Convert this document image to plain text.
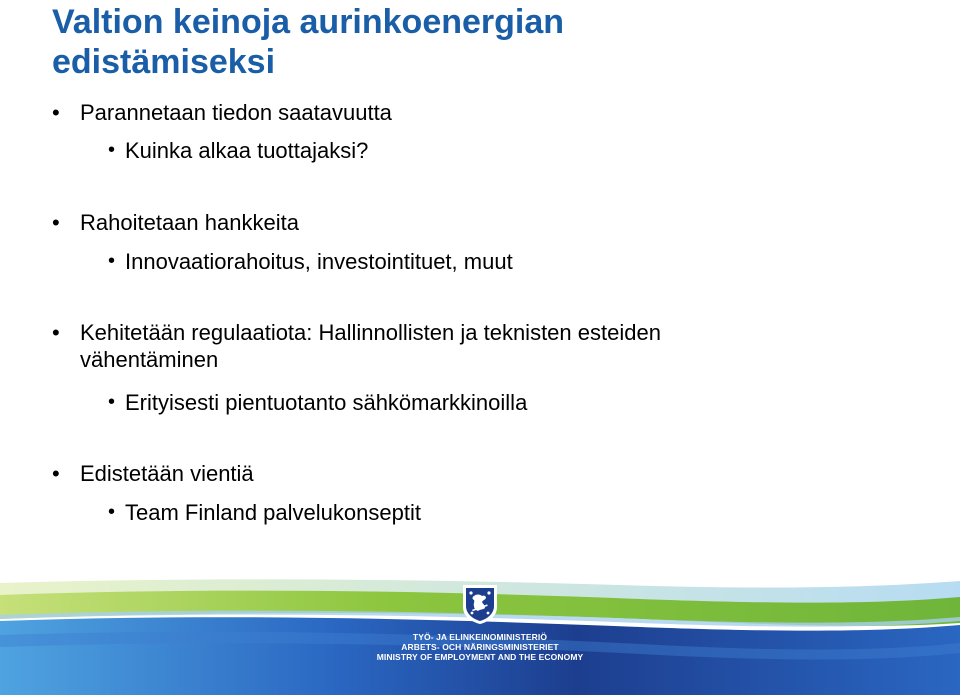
Valtion keinoja aurinkoenergian
edistämiseksi
• Parannetaan tiedon saatavuutta
• Kuinka alkaa tuottajaksi?
• Rahoitetaan hankkeita
• Innovaatiorahoitus, investointituet, muut
• Kehitetään regulaatiota: Hallinnollisten ja teknisten esteiden
vähentäminen
• Erityisesti pientuotanto sähkömarkkinoilla
• Edistetään vientiä
• Team Finland palvelukonseptit
TYÖ- JA ELINKEINOMINISTERIÖ
ARBETS- OCH NÄRINGSMINISTERIET
MINISTRY OF EMPLOYMENT AND THE ECONOMY
